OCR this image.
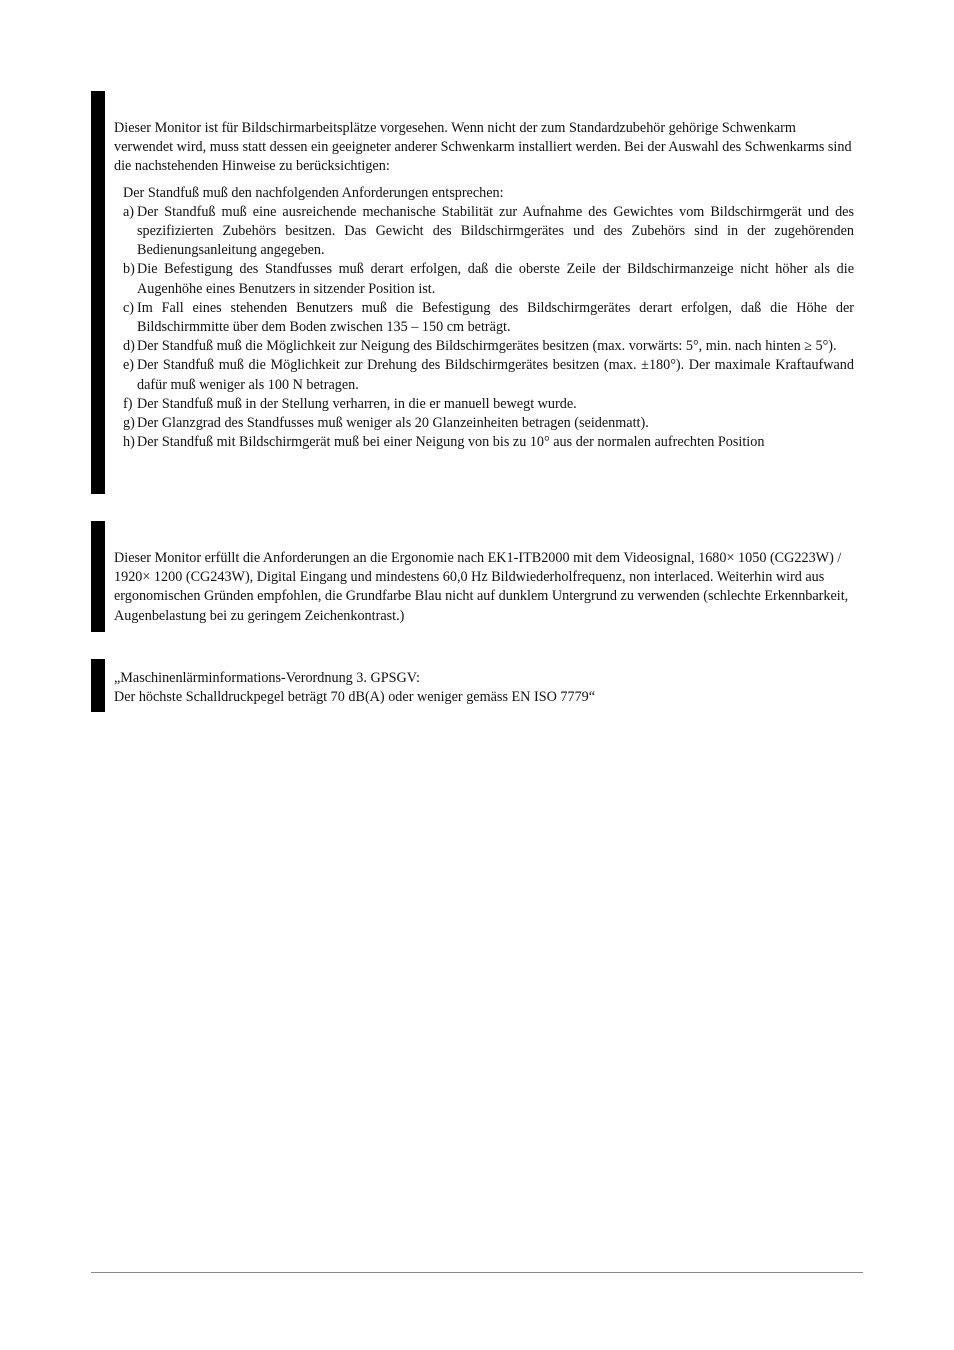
Dieser Monitor ist für Bildschirmarbeitsplätze vorgesehen. Wenn nicht der zum Standardzubehör gehörige Schwenkarm verwendet wird, muss statt dessen ein geeigneter anderer Schwenkarm installiert werden. Bei der Auswahl des Schwenkarms sind die nachstehenden Hinweise zu berücksichtigen:

Der Standfuß muß den nachfolgenden Anforderungen entsprechen:

a) Der Standfuß muß eine ausreichende mechanische Stabilität zur Aufnahme des Gewichtes vom Bildschirmgerät und des spezifizierten Zubehörs besitzen. Das Gewicht des Bildschirmgerätes und des Zubehörs sind in der zugehörenden Bedienungsanleitung angegeben.
b) Die Befestigung des Standfusses muß derart erfolgen, daß die oberste Zeile der Bildschirmanzeige nicht höher als die Augenhöhe eines Benutzers in sitzender Position ist.
c) Im Fall eines stehenden Benutzers muß die Befestigung des Bildschirmgerätes derart erfolgen, daß die Höhe der Bildschirmmitte über dem Boden zwischen 135 – 150 cm beträgt.
d) Der Standfuß muß die Möglichkeit zur Neigung des Bildschirmgerätes besitzen (max. vorwärts: 5°, min. nach hinten ≥ 5°).
e) Der Standfuß muß die Möglichkeit zur Drehung des Bildschirmgerätes besitzen (max. ±180°). Der maximale Kraftaufwand dafür muß weniger als 100 N betragen.
f) Der Standfuß muß in der Stellung verharren, in die er manuell bewegt wurde.
g) Der Glanzgrad des Standfusses muß weniger als 20 Glanzeinheiten betragen (seidenmatt).
h) Der Standfuß mit Bildschirmgerät muß bei einer Neigung von bis zu 10° aus der normalen aufrechten Position

Dieser Monitor erfüllt die Anforderungen an die Ergonomie nach EK1-ITB2000 mit dem Videosignal, 1680× 1050 (CG223W) / 1920× 1200 (CG243W), Digital Eingang und mindestens 60,0 Hz Bildwiederholfrequenz, non interlaced. Weiterhin wird aus ergonomischen Gründen empfohlen, die Grundfarbe Blau nicht auf dunklem Untergrund zu verwenden (schlechte Erkennbarkeit, Augenbelastung bei zu geringem Zeichenkontrast.)

„Maschinenlärminformations-Verordnung 3. GPSGV:

Der höchste Schalldruckpegel beträgt 70 dB(A) oder weniger gemäss EN ISO 7779“
